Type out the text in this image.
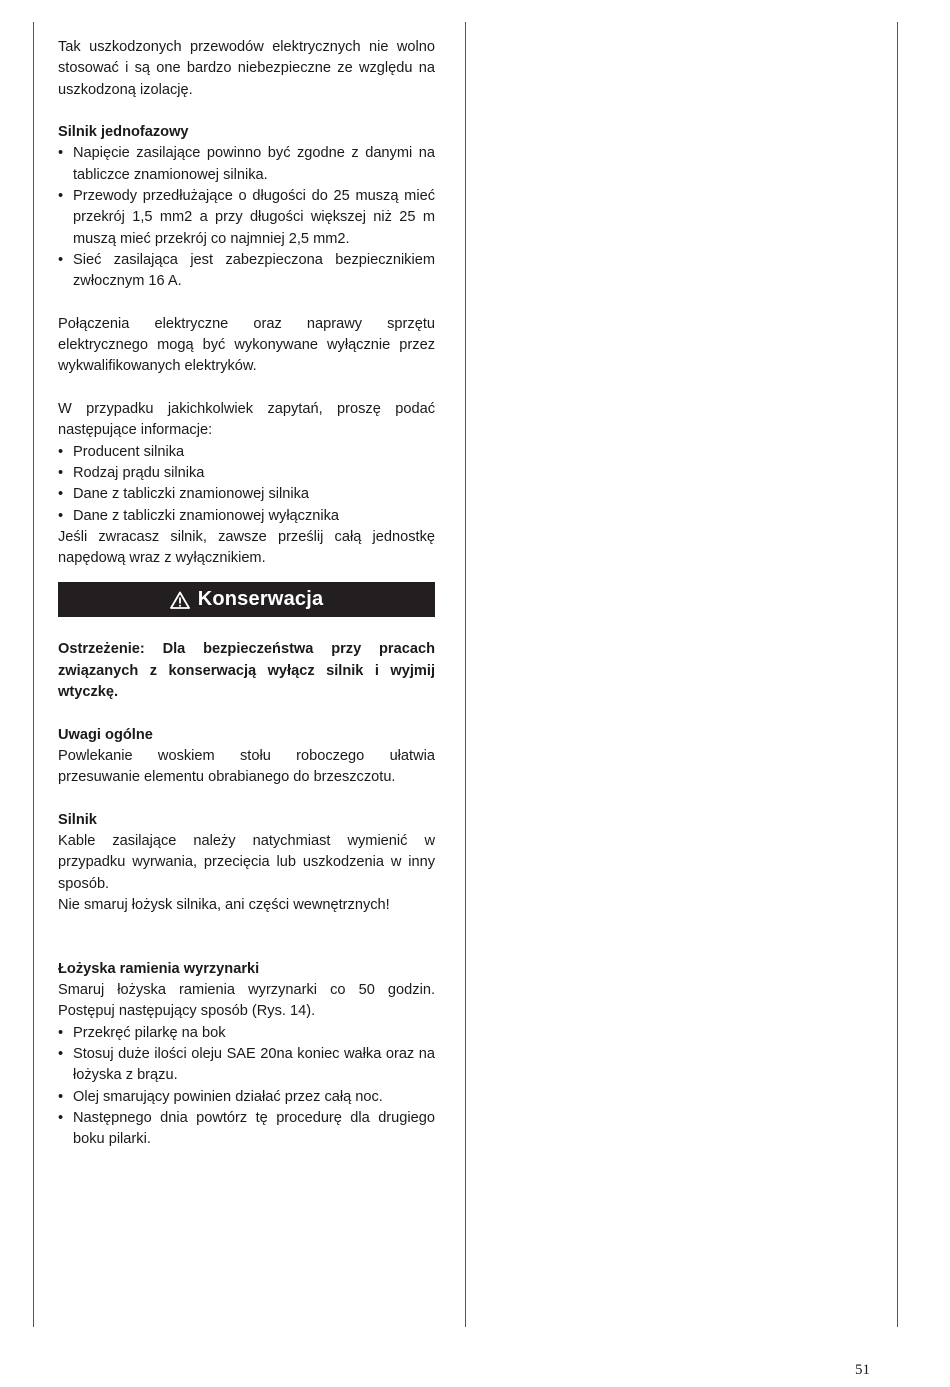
Tak uszkodzonych przewodów elektrycznych nie wolno stosować i są one bardzo niebezpieczne ze względu na uszkodzoną izolację.

Silnik jednofazowy

• Napięcie zasilające powinno być zgodne z danymi na tabliczce znamionowej silnika.
• Przewody przedłużające o długości do 25 muszą mieć przekrój 1,5 mm2 a przy długości większej niż 25 m muszą mieć przekrój co najmniej 2,5 mm2.
• Sieć zasilająca jest zabezpieczona bezpiecznikiem zwłocznym 16 A.

Połączenia elektryczne oraz naprawy sprzętu elektrycznego mogą być wykonywane wyłącznie przez wykwalifikowanych elektryków.

W przypadku jakichkolwiek zapytań, proszę podać następujące informacje:

• Producent silnika
• Rodzaj prądu silnika
• Dane z tabliczki znamionowej silnika
• Dane z tabliczki znamionowej wyłącznika

Jeśli zwracasz silnik, zawsze prześlij całą jednostkę napędową wraz z wyłącznikiem.

Konserwacja

Ostrzeżenie: Dla bezpieczeństwa przy pracach związanych z konserwacją wyłącz silnik i wyjmij wtyczkę.

Uwagi ogólne

Powlekanie woskiem stołu roboczego ułatwia przesuwanie elementu obrabianego do brzeszczotu.

Silnik

Kable zasilające należy natychmiast wymienić w przypadku wyrwania, przecięcia lub uszkodzenia w inny sposób.

Nie smaruj łożysk silnika, ani części wewnętrznych!

Łożyska ramienia wyrzynarki

Smaruj łożyska ramienia wyrzynarki co 50 godzin. Postępuj następujący sposób (Rys. 14).

• Przekręć pilarkę na bok
• Stosuj duże ilości oleju SAE 20na koniec wałka oraz na łożyska z brązu.
• Olej smarujący powinien działać przez całą noc.
• Następnego dnia powtórz tę procedurę dla drugiego boku pilarki.
51
